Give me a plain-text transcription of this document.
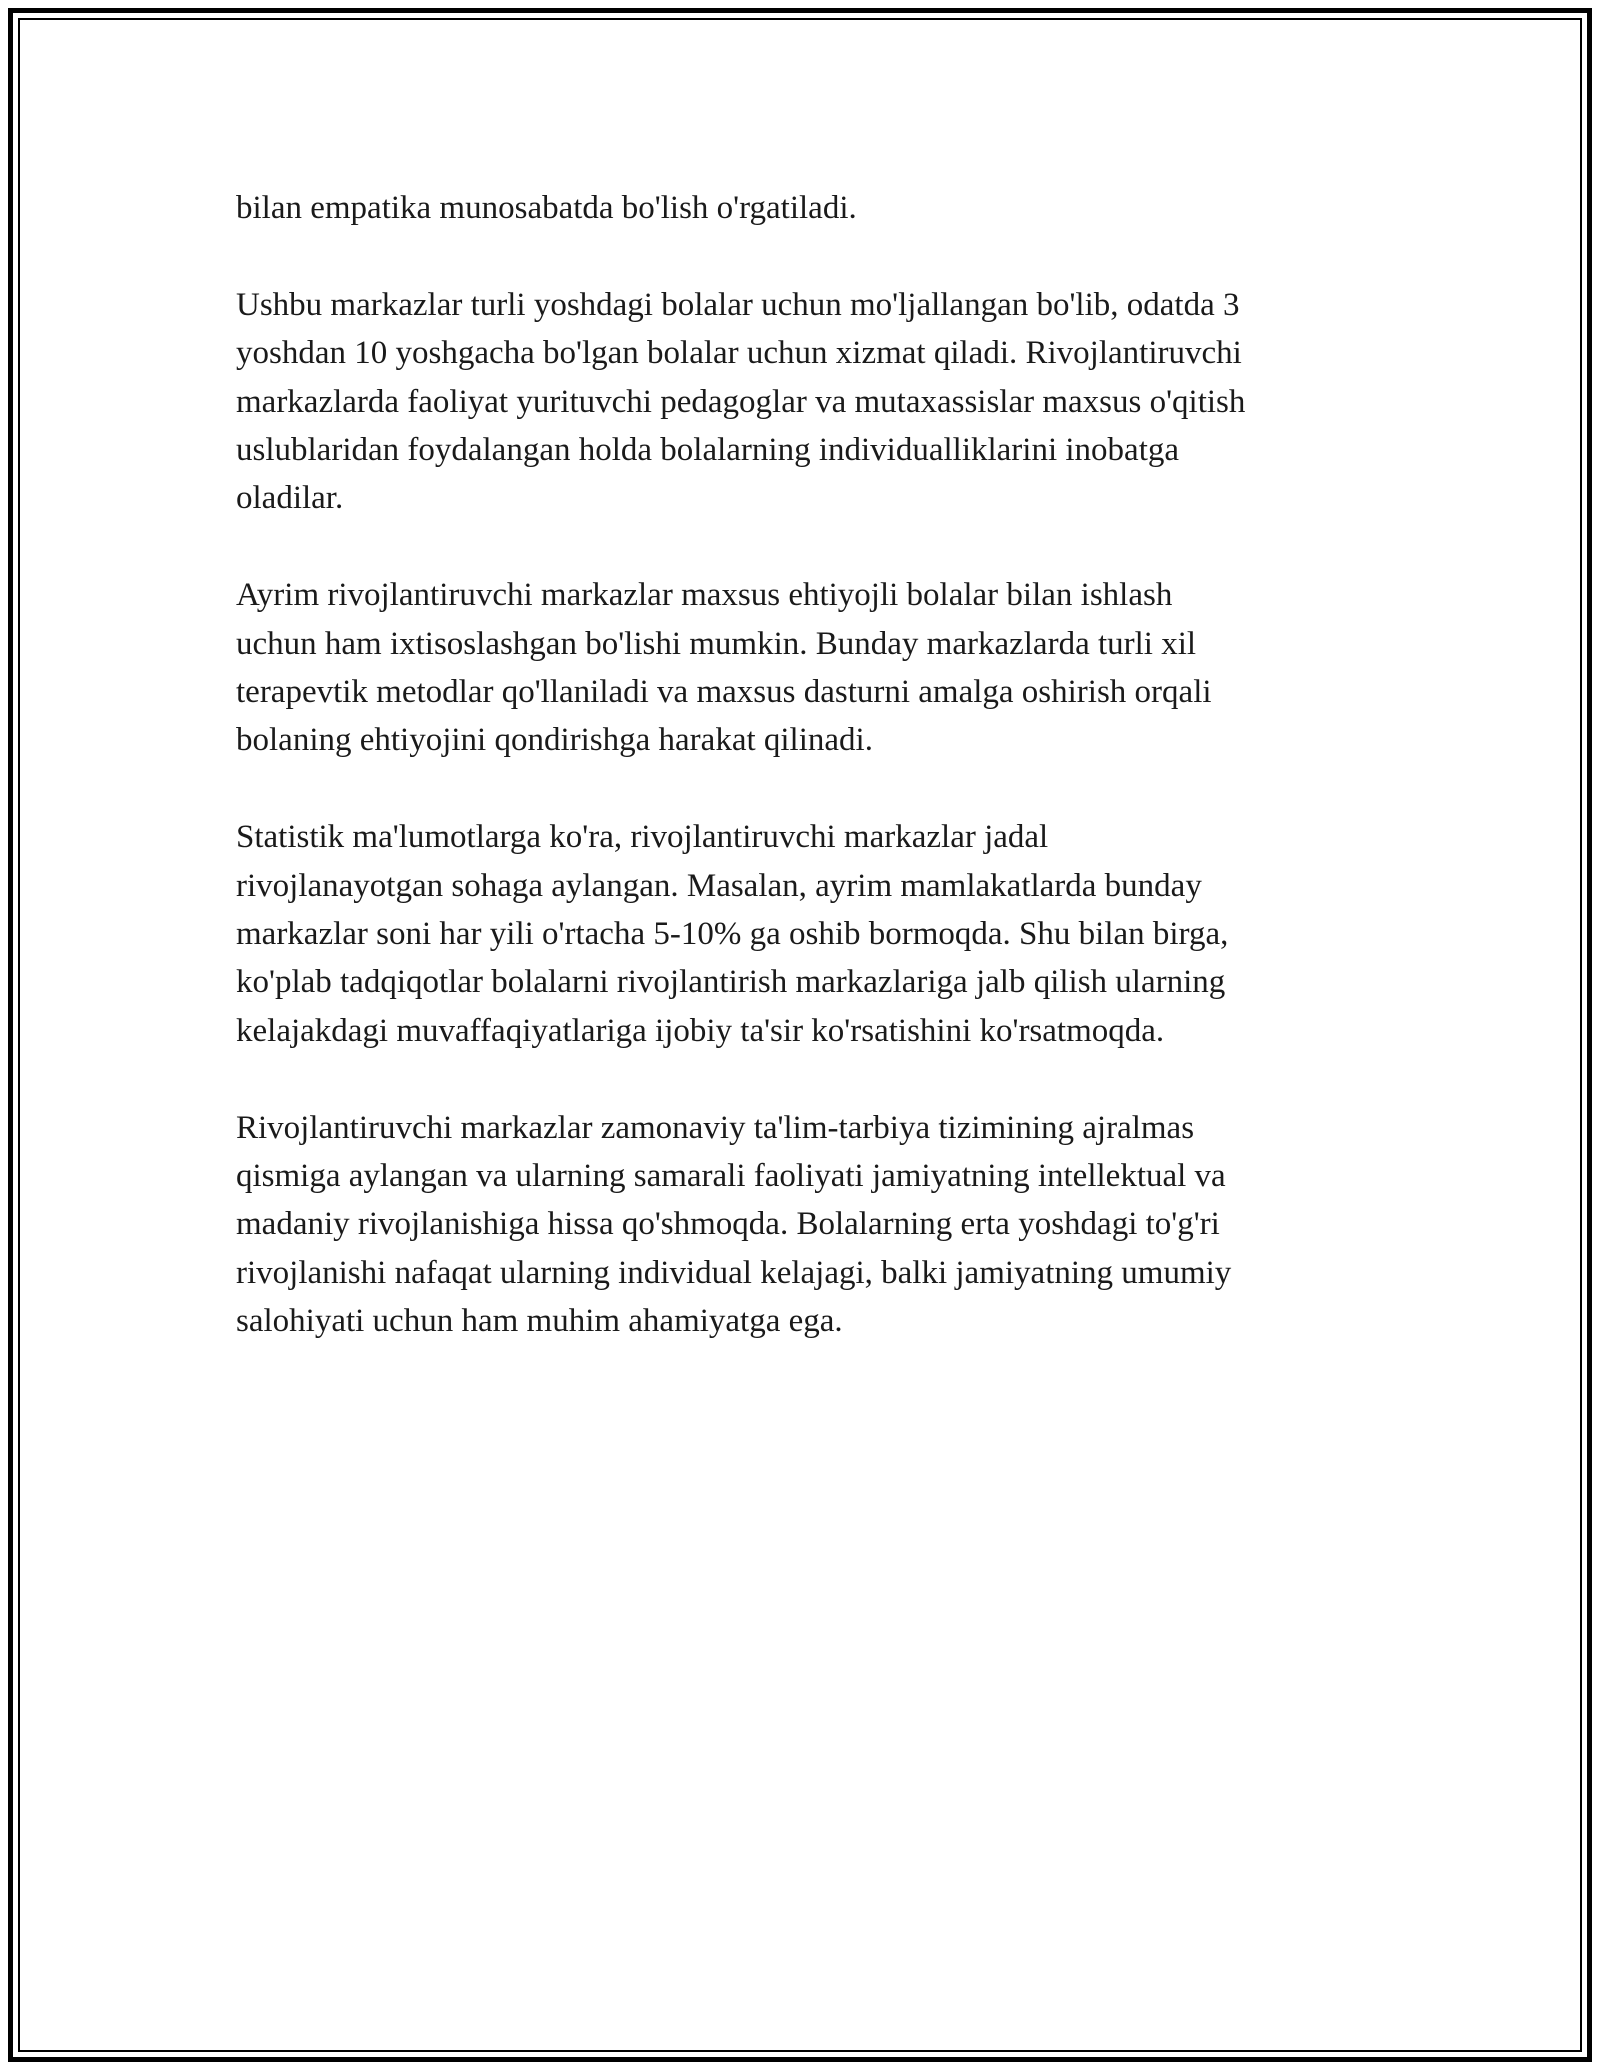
bilan empatika munosabatda bo'lish o'rgatiladi.

Ushbu markazlar turli yoshdagi bolalar uchun mo'ljallangan bo'lib, odatda 3
yoshdan 10 yoshgacha bo'lgan bolalar uchun xizmat qiladi. Rivojlantiruvchi
markazlarda faoliyat yurituvchi pedagoglar va mutaxassislar maxsus o'qitish
uslublaridan foydalangan holda bolalarning individualliklarini inobatga
oladilar.

Ayrim rivojlantiruvchi markazlar maxsus ehtiyojli bolalar bilan ishlash
uchun ham ixtisoslashgan bo'lishi mumkin. Bunday markazlarda turli xil
terapevtik metodlar qo'llaniladi va maxsus dasturni amalga oshirish orqali
bolaning ehtiyojini qondirishga harakat qilinadi.

Statistik ma'lumotlarga ko'ra, rivojlantiruvchi markazlar jadal
rivojlanayotgan sohaga aylangan. Masalan, ayrim mamlakatlarda bunday
markazlar soni har yili o'rtacha 5-10% ga oshib bormoqda. Shu bilan birga,
ko'plab tadqiqotlar bolalarni rivojlantirish markazlariga jalb qilish ularning
kelajakdagi muvaffaqiyatlariga ijobiy ta'sir ko'rsatishini ko'rsatmoqda.

Rivojlantiruvchi markazlar zamonaviy ta'lim-tarbiya tizimining ajralmas
qismiga aylangan va ularning samarali faoliyati jamiyatning intellektual va
madaniy rivojlanishiga hissa qo'shmoqda. Bolalarning erta yoshdagi to'g'ri
rivojlanishi nafaqat ularning individual kelajagi, balki jamiyatning umumiy
salohiyati uchun ham muhim ahamiyatga ega.
